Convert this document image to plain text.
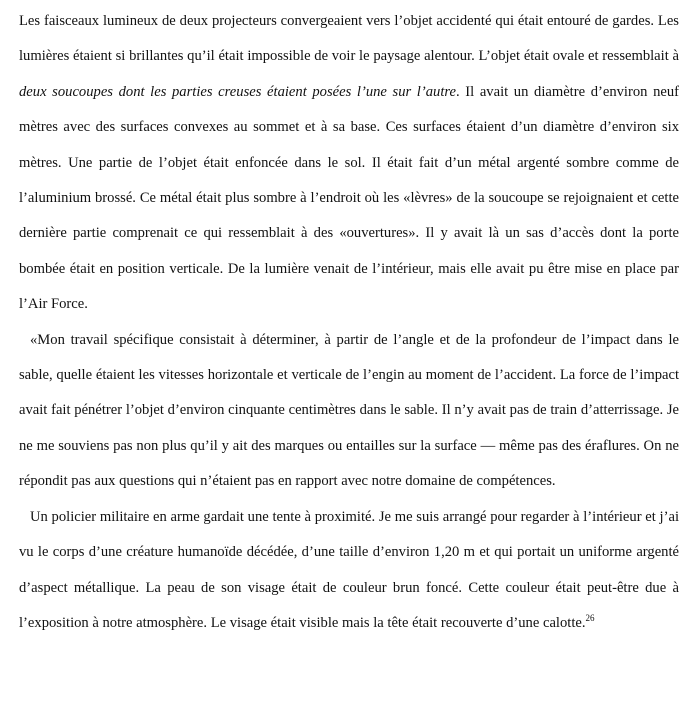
Les faisceaux lumineux de deux projecteurs convergeaient vers l’objet accidenté qui était entouré de gardes. Les lumières étaient si brillantes qu’il était impossible de voir le paysage alentour. L’objet était ovale et ressemblait à deux soucoupes dont les parties creuses étaient posées l’une sur l’autre. Il avait un diamètre d’environ neuf mètres avec des surfaces convexes au sommet et à sa base. Ces surfaces étaient d’un diamètre d’environ six mètres. Une partie de l’objet était enfoncée dans le sol. Il était fait d’un métal argenté sombre comme de l’aluminium brossé. Ce métal était plus sombre à l’endroit où les «lèvres» de la soucoupe se rejoignaient et cette dernière partie comprenait ce qui ressemblait à des «ouvertures». Il y avait là un sas d’accès dont la porte bombée était en position verticale. De la lumière venait de l’intérieur, mais elle avait pu être mise en place par l’Air Force.

«Mon travail spécifique consistait à déterminer, à partir de l’angle et de la profondeur de l’impact dans le sable, quelle étaient les vitesses horizontale et verticale de l’engin au moment de l’accident. La force de l’impact avait fait pénétrer l’objet d’environ cinquante centimètres dans le sable. Il n’y avait pas de train d’atterrissage. Je ne me souviens pas non plus qu’il y ait des marques ou entailles sur la surface — même pas des éraflures. On ne répondit pas aux questions qui n’étaient pas en rapport avec notre domaine de compétences.

Un policier militaire en arme gardait une tente à proximité. Je me suis arrangé pour regarder à l’intérieur et j’ai vu le corps d’une créature humanoïde décédée, d’une taille d’environ 1,20 m et qui portait un uniforme argenté d’aspect métallique. La peau de son visage était de couleur brun foncé. Cette couleur était peut-être due à l’exposition à notre atmosphère. Le visage était visible mais la tête était recouverte d’une calotte.$^{26}$
